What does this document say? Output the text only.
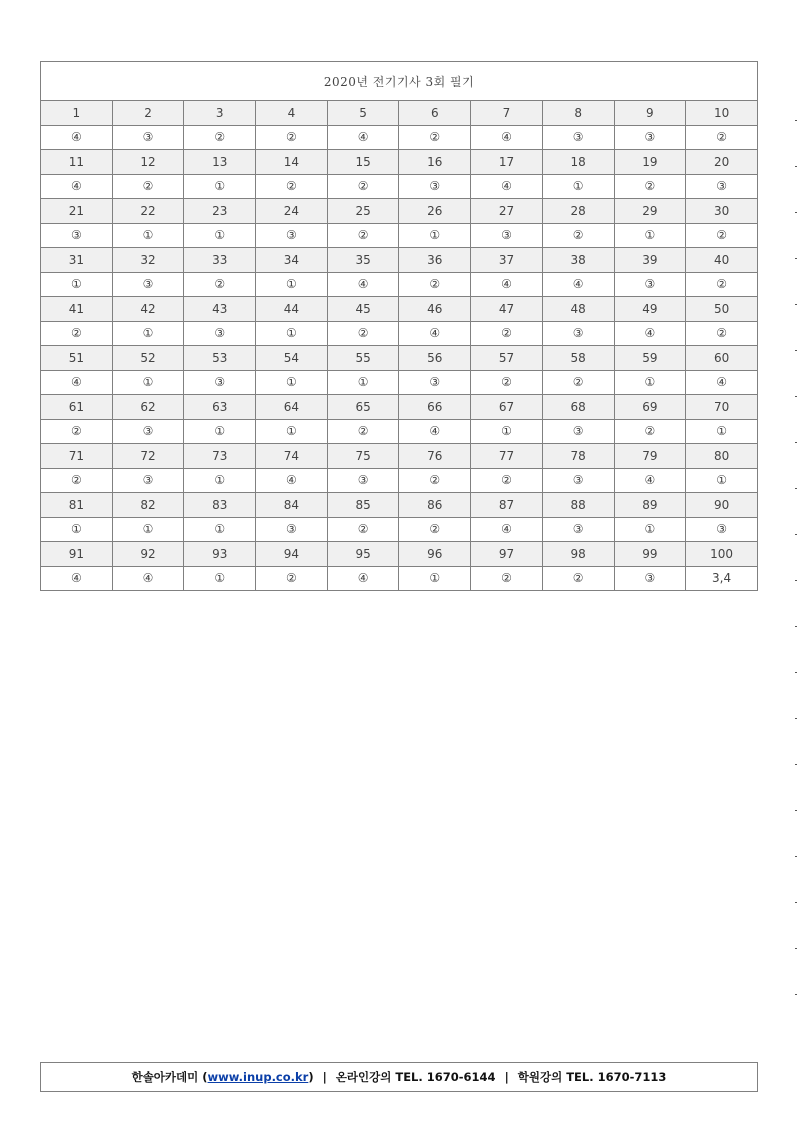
2020년 전기기사 3회 필기									
1	2	3	4	5	6	7	8	9	10
④	③	②	②	④	②	④	③	③	②
11	12	13	14	15	16	17	18	19	20
④	②	①	②	②	③	④	①	②	③
21	22	23	24	25	26	27	28	29	30
③	①	①	③	②	①	③	②	①	②
31	32	33	34	35	36	37	38	39	40
①	③	②	①	④	②	④	④	③	②
41	42	43	44	45	46	47	48	49	50
②	①	③	①	②	④	②	③	④	②
51	52	53	54	55	56	57	58	59	60
④	①	③	①	①	③	②	②	①	④
61	62	63	64	65	66	67	68	69	70
②	③	①	①	②	④	①	③	②	①
71	72	73	74	75	76	77	78	79	80
②	③	①	④	③	②	②	③	④	①
81	82	83	84	85	86	87	88	89	90
①	①	①	③	②	②	④	③	①	③
91	92	93	94	95	96	97	98	99	100
④	④	①	②	④	①	②	②	③	3,4
한솔아카데미 ( www.inup.co.kr ) | 온라인강의 TEL. 1670-6144 | 학원강의 TEL. 1670-7113
